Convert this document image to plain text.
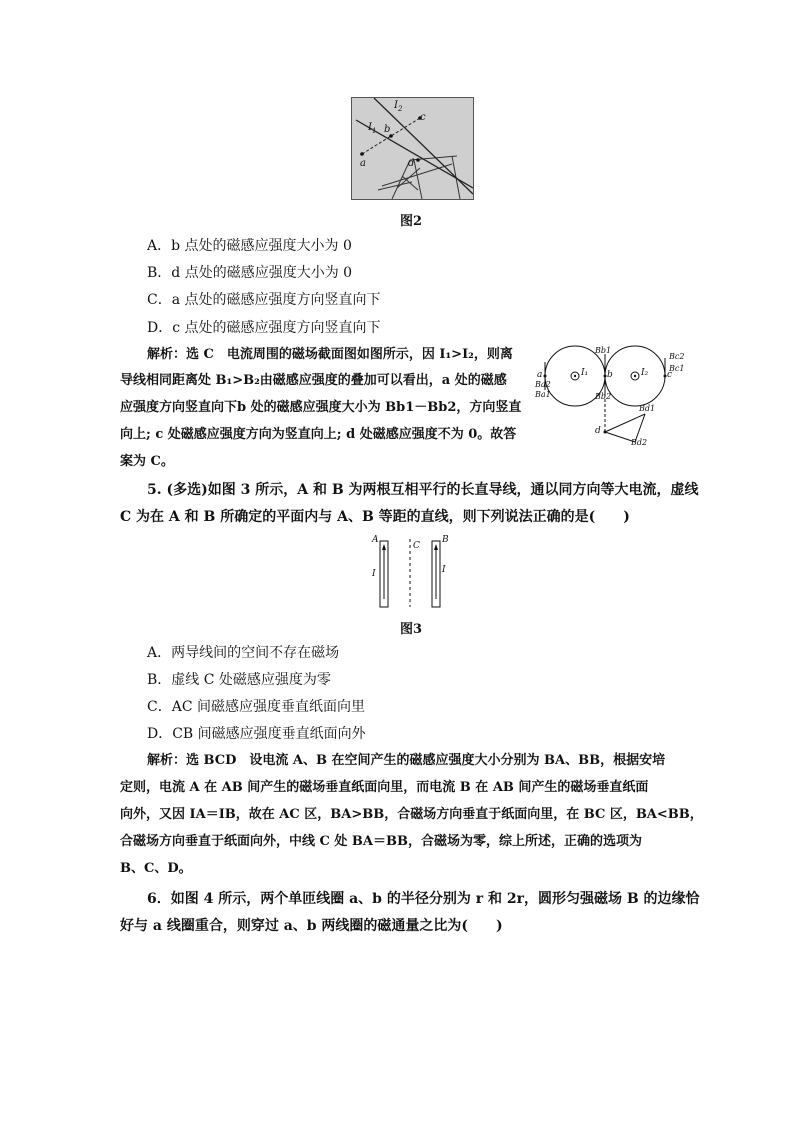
$I_2$
$I_1$
a
b
c
d
图2
A．b 点处的磁感应强度大小为 0
B．d 点处的磁感应强度大小为 0
C．a 点处的磁感应强度方向竖直向下
D．c 点处的磁感应强度方向竖直向下
解析：选 C　电流周围的磁场截面图如图所示，因 I₁>I₂，则离
导线相同距离处 B₁>B₂由磁感应强度的叠加可以看出，a 处的磁感
应强度方向竖直向下b 处的磁感应强度大小为 Bb1－Bb2，方向竖直
向上; c 处磁感应强度方向为竖直向上; d 处磁感应强度不为 0。故答
案为 C。
I₁	I₂
a	b	c
d
Bb1
Bb2
Ba2
Ba1
Bc2
Bc1
Bd1
Bd2
5. (多选)如图 3 所示，A 和 B 为两根互相平行的长直导线，通以同方向等大电流，虚线
C 为在 A 和 B 所确定的平面内与 A、B 等距的直线，则下列说法正确的是(　　)
A	B
C
I	I
图3
A．两导线间的空间不存在磁场
B．虚线 C 处磁感应强度为零
C．AC 间磁感应强度垂直纸面向里
D．CB 间磁感应强度垂直纸面向外
解析：选 BCD　设电流 A、B 在空间产生的磁感应强度大小分别为 BA、BB，根据安培
定则，电流 A 在 AB 间产生的磁场垂直纸面向里，而电流 B 在 AB 间产生的磁场垂直纸面
向外，又因 IA＝IB，故在 AC 区，BA>BB，合磁场方向垂直于纸面向里，在 BC 区，BA<BB，
合磁场方向垂直于纸面向外，中线 C 处 BA＝BB，合磁场为零，综上所述，正确的选项为
B、C、D。
6．如图 4 所示，两个单匝线圈 a、b 的半径分别为 r 和 2r，圆形匀强磁场 B 的边缘恰
好与 a 线圈重合，则穿过 a、b 两线圈的磁通量之比为(　　)
